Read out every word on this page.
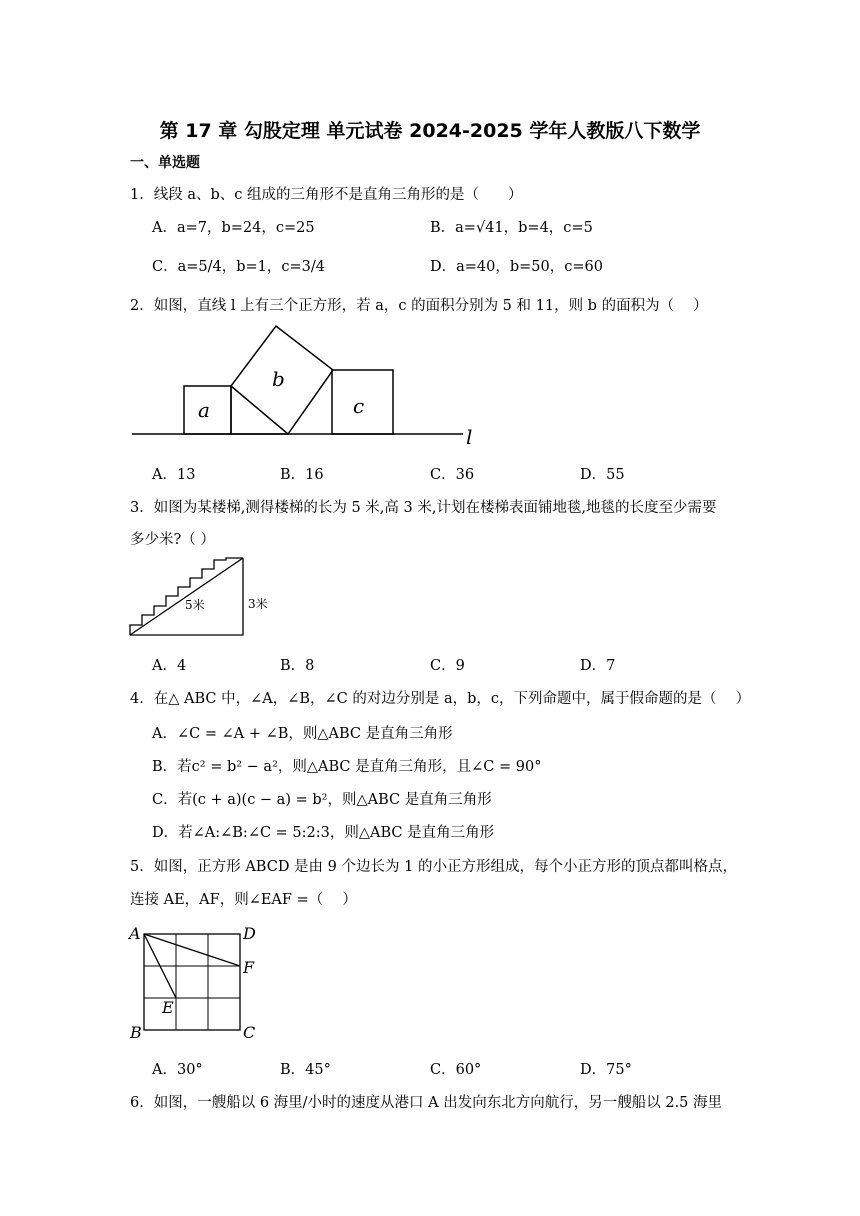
第 17 章 勾股定理 单元试卷 2024-2025 学年人教版八下数学
一、单选题
1．线段 a、b、c 组成的三角形不是直角三角形的是（　　）
A．a=7，b=24，c=25	B．a=√41，b=4，c=5
C．a=5/4，b=1，c=3/4	D．a=40，b=50，c=60
2．如图，直线 l 上有三个正方形，若 a，c 的面积分别为 5 和 11，则 b 的面积为（　 ）
a
b
c
l
A．13	B．16	C．36	D．55
3．如图为某楼梯,测得楼梯的长为 5 米,高 3 米,计划在楼梯表面铺地毯,地毯的长度至少需要
多少米?（ ）
5米	3米
A．4	B．8	C．9	D．7
4．在△ ABC 中，∠A，∠B，∠C 的对边分别是 a，b，c，下列命题中，属于假命题的是（　 ）
A．∠C = ∠A + ∠B，则△ABC 是直角三角形
B．若c² = b² − a²，则△ABC 是直角三角形，且∠C = 90°
C．若(c + a)(c − a) = b²，则△ABC 是直角三角形
D．若∠A:∠B:∠C = 5:2:3，则△ABC 是直角三角形
5．如图，正方形 ABCD 是由 9 个边长为 1 的小正方形组成，每个小正方形的顶点都叫格点，
连接 AE，AF，则∠EAF =（　 ）
A
B	C
D
E
F
A．30°	B．45°	C．60°	D．75°
6．如图，一艘船以 6 海里/小时的速度从港口 A 出发向东北方向航行，另一艘船以 2.5 海里
